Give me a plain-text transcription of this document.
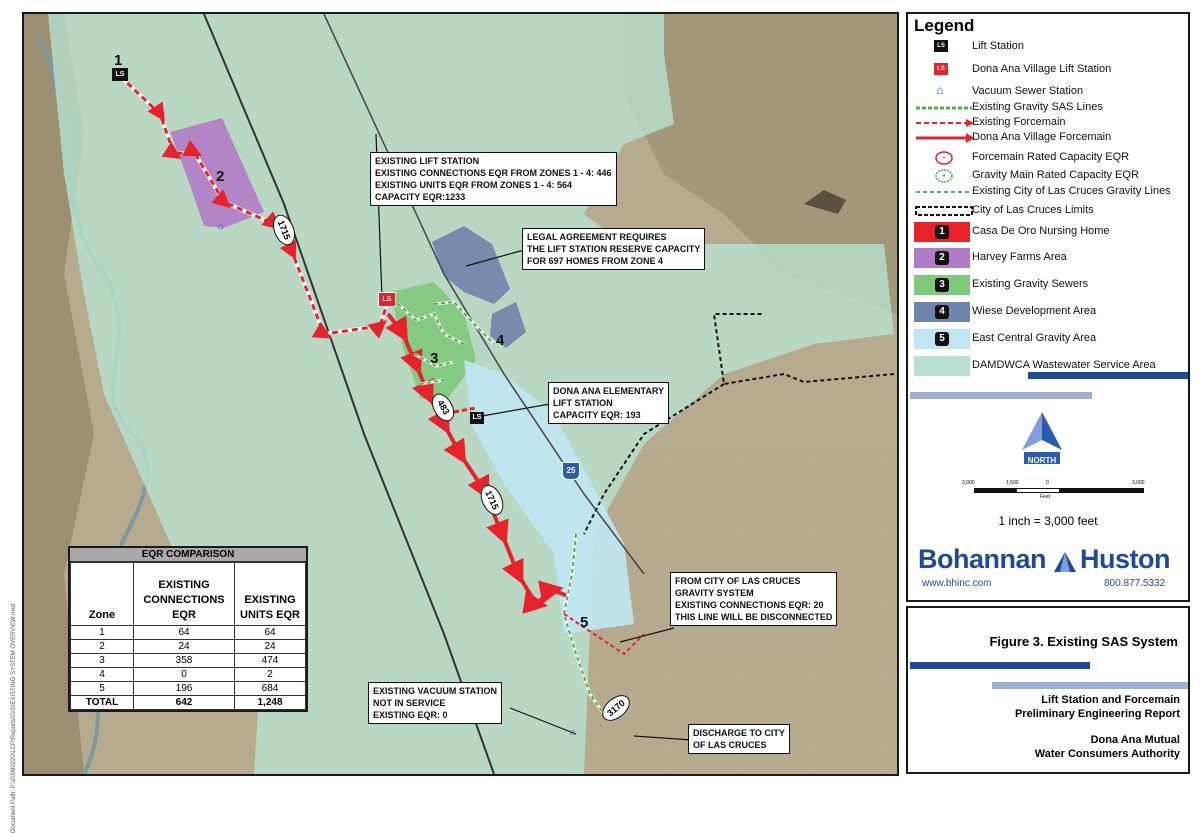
LS
LS
LS
⌂
⌂
1
2
3
4
5
1715
483
1715
3170
25
EXISTING LIFT STATION
EXISTING CONNECTIONS EQR FROM ZONES 1 - 4: 446
EXISTING UNITS EQR FROM ZONES 1 - 4: 564
CAPACITY EQR:1233
LEGAL AGREEMENT REQUIRES
THE LIFT STATION RESERVE CAPACITY
FOR 697 HOMES FROM ZONE 4
DONA ANA ELEMENTARY
LIFT STATION
CAPACITY EQR: 193
FROM CITY OF LAS CRUCES
GRAVITY SYSTEM
EXISTING CONNECTIONS EQR: 20
THIS LINE WILL BE DISCONNECTED
EXISTING VACUUM STATION
NOT IN SERVICE
EXISTING EQR: 0
DISCHARGE TO CITY
OF LAS CRUCES
Document Path: P:\20080220\LCP\Reports\GIS\EXISTING SYSTEM OVERVIEW.mxd
EQR COMPARISON
Zone	EXISTING CONNECTIONS EQR	EXISTING UNITS EQR
1	64	64
2	24	24
3	358	474
4	0	2
5	196	684
TOTAL	642	1,248
Legend
LS Lift Station
LS Dona Ana Village Lift Station
⌂	Vacuum Sewer Station
Existing Gravity SAS Lines
Existing Forcemain
Dona Ana Village Forcemain
* Forcemain Rated Capacity EQR
* Gravity Main Rated Capacity EQR
Existing City of Las Cruces Gravity Lines
City of Las Cruces Limits
1	Casa De Oro Nursing Home
2	Harvey Farms Area
3	Existing Gravity Sewers
4	Wiese Development Area
5	East Central Gravity Area
DAMDWCA Wastewater Service Area
NORTH
3,000	1,500	0	3,000
Feet
1 inch = 3,000 feet
Bohannan Huston
www.bhinc.com	800.877.5332
Figure 3. Existing SAS System
Lift Station and Forcemain
Preliminary Engineering Report
Dona Ana Mutual
Water Consumers Authority
